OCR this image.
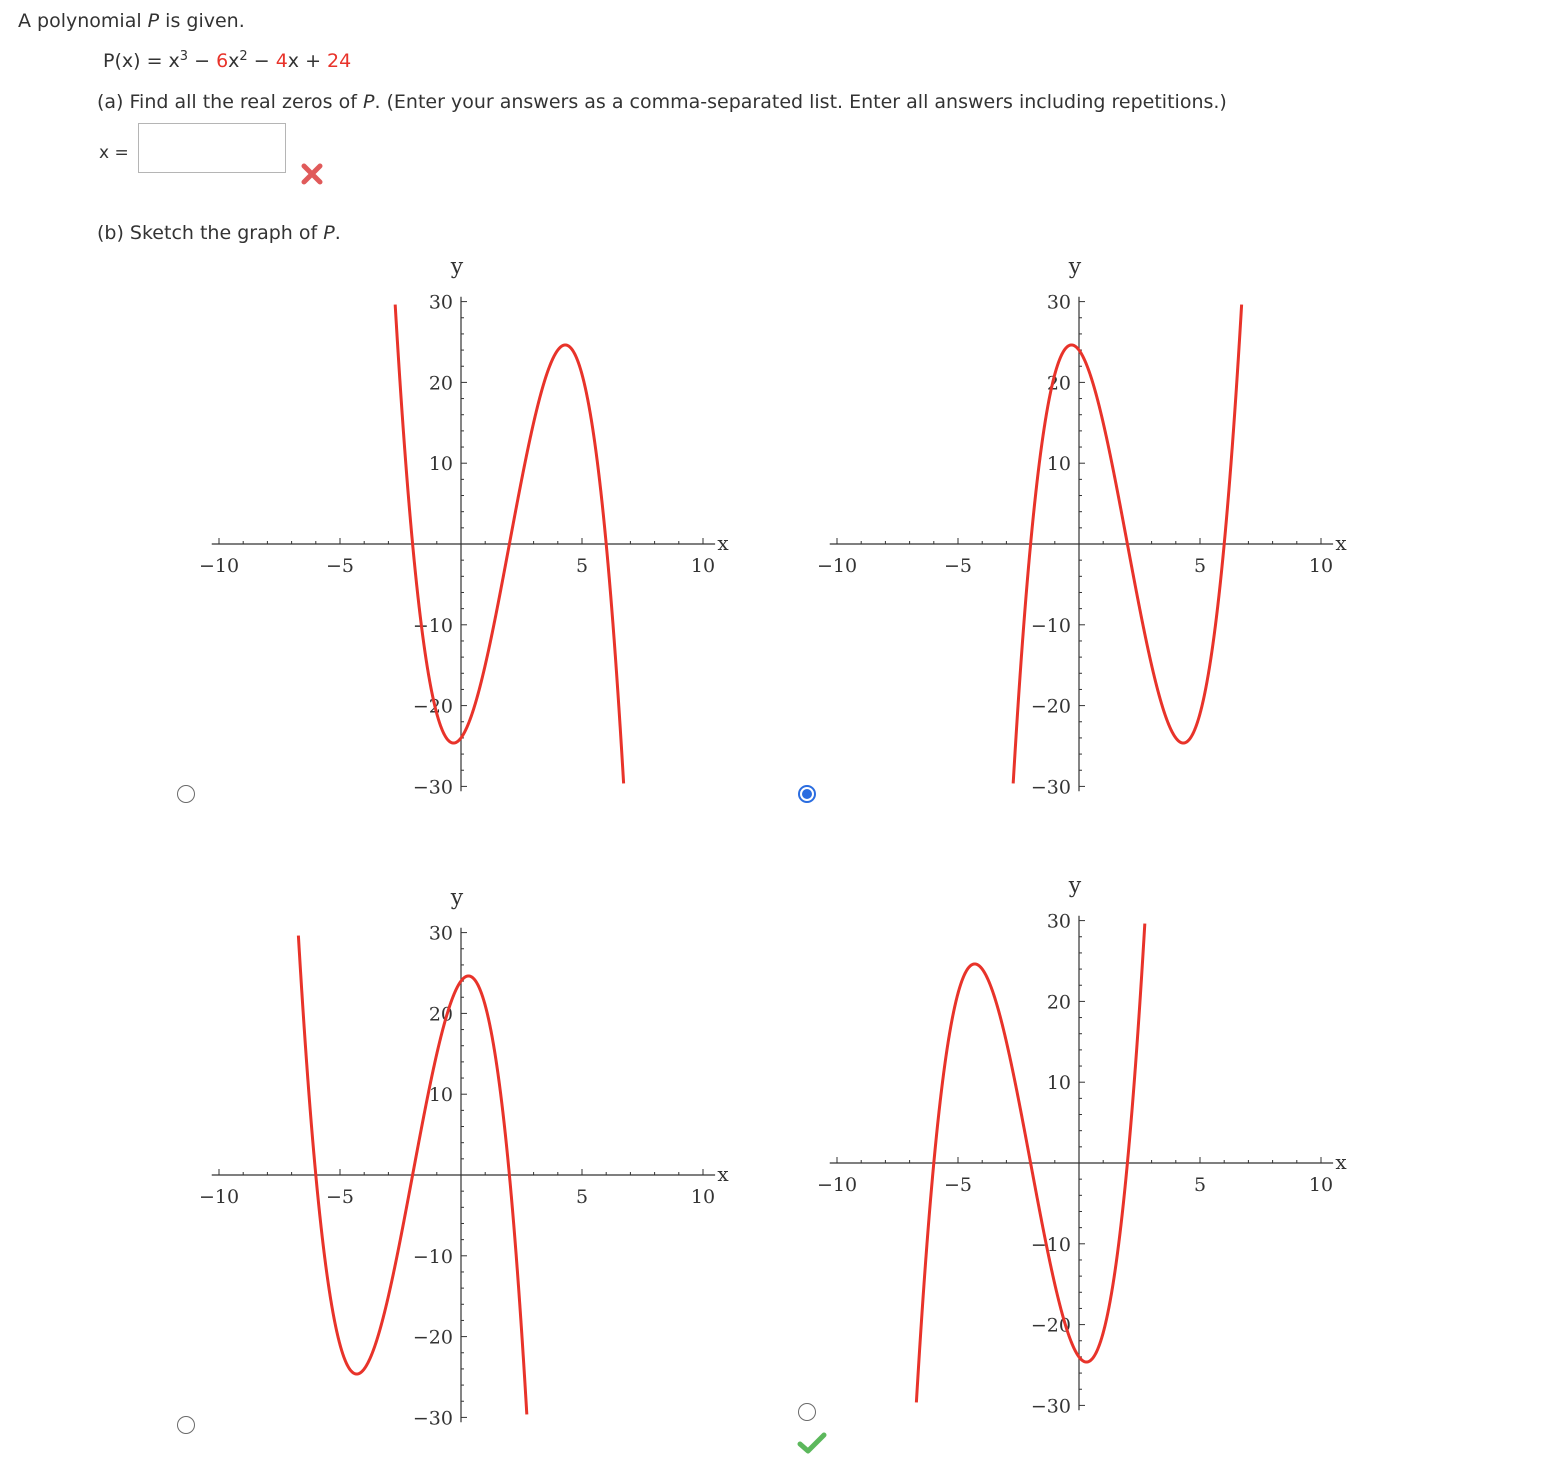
A polynomial P is given.
$P(x) = x^3 - 6x^2 - 4x + 24$
(a) Find all the real zeros of P. (Enter your answers as a comma-separated list. Enter all answers including repetitions.)
x =
(b) Sketch the graph of P.
−10	−5	5	10
30
20
10
−10
−20
−30
x
y
−10	−5	5	10
30
20
10
−10
−20
−30
x
y
−10	−5	5	10
30
20
10
−10
−20
−30
x
y
−10	−5	5	10
30
20
10
−10
−20
−30
x
y
